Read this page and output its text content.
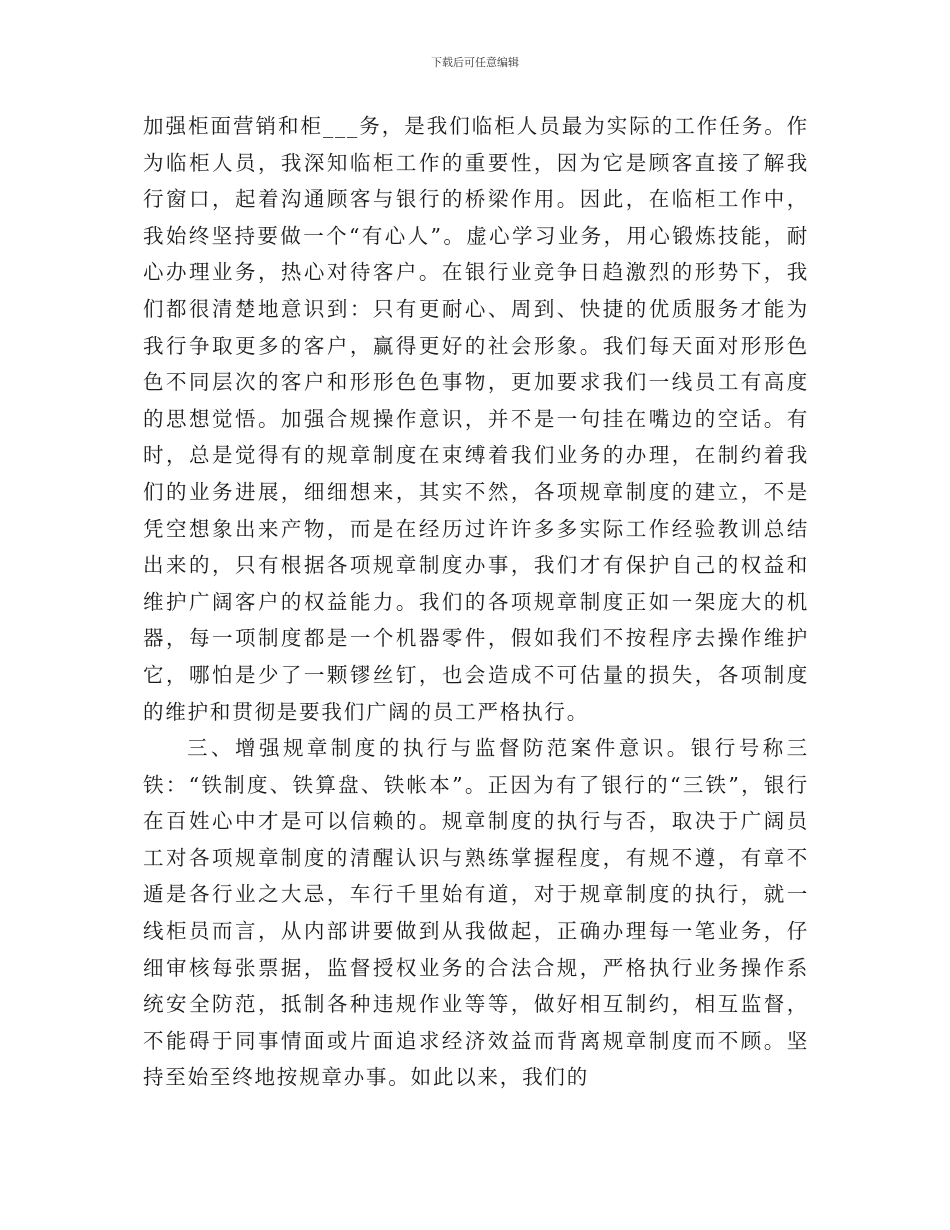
下载后可任意编辑

加强柜面营销和柜___务，是我们临柜人员最为实际的工作任务。作为临柜人员，我深知临柜工作的重要性，因为它是顾客直接了解我行窗口，起着沟通顾客与银行的桥梁作用。因此，在临柜工作中，我始终坚持要做一个“有心人”。虚心学习业务，用心锻炼技能，耐心办理业务，热心对待客户。在银行业竞争日趋激烈的形势下，我们都很清楚地意识到：只有更耐心、周到、快捷的优质服务才能为我行争取更多的客户，赢得更好的社会形象。我们每天面对形形色色不同层次的客户和形形色色事物，更加要求我们一线员工有高度的思想觉悟。加强合规操作意识，并不是一句挂在嘴边的空话。有时，总是觉得有的规章制度在束缚着我们业务的办理，在制约着我们的业务进展，细细想来，其实不然，各项规章制度的建立，不是凭空想象出来产物，而是在经历过许许多多实际工作经验教训总结出来的，只有根据各项规章制度办事，我们才有保护自己的权益和维护广阔客户的权益能力。我们的各项规章制度正如一架庞大的机器，每一项制度都是一个机器零件，假如我们不按程序去操作维护它，哪怕是少了一颗镠丝钉，也会造成不可估量的损失，各项制度的维护和贯彻是要我们广阔的员工严格执行。

三、增强规章制度的执行与监督防范案件意识。银行号称三铁：“铁制度、铁算盘、铁帐本”。正因为有了银行的“三铁”，银行在百姓心中才是可以信赖的。规章制度的执行与否，取决于广阔员工对各项规章制度的清醒认识与熟练掌握程度，有规不遵，有章不遁是各行业之大忌，车行千里始有道，对于规章制度的执行，就一线柜员而言，从内部讲要做到从我做起，正确办理每一笔业务，仔细审核每张票据，监督授权业务的合法合规，严格执行业务操作系统安全防范，抵制各种违规作业等等，做好相互制约，相互监督，不能碍于同事情面或片面追求经济效益而背离规章制度而不顾。坚持至始至终地按规章办事。如此以来，我们的
